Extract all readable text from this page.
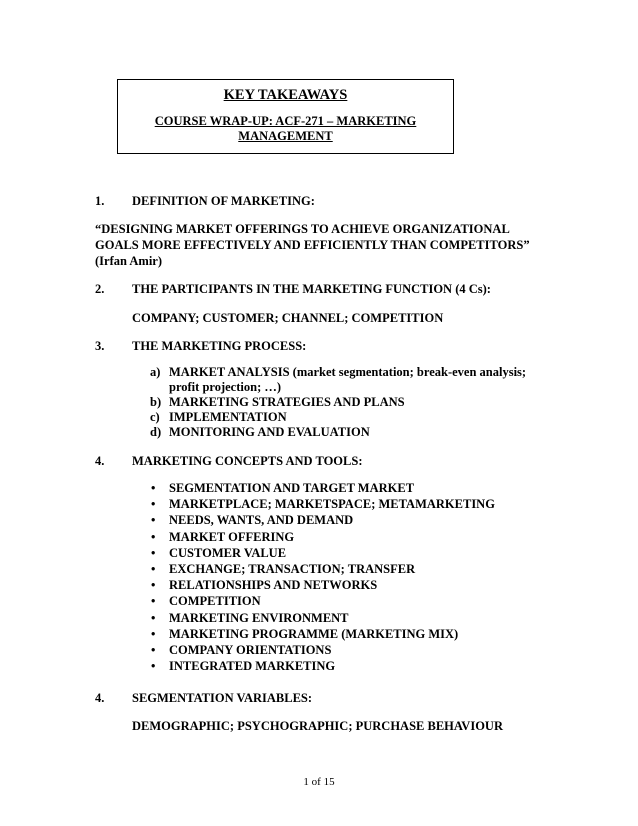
KEY TAKEAWAYS
COURSE WRAP-UP: ACF-271 – MARKETING MANAGEMENT
1. DEFINITION OF MARKETING:
“DESIGNING MARKET OFFERINGS TO ACHIEVE ORGANIZATIONAL GOALS MORE EFFECTIVELY AND EFFICIENTLY THAN COMPETITORS” (Irfan Amir)
2. THE PARTICIPANTS IN THE MARKETING FUNCTION (4 Cs):
COMPANY; CUSTOMER; CHANNEL; COMPETITION
3. THE MARKETING PROCESS:
a) MARKET ANALYSIS (market segmentation; break-even analysis; profit projection; …)
b) MARKETING STRATEGIES AND PLANS
c) IMPLEMENTATION
d) MONITORING AND EVALUATION
4. MARKETING CONCEPTS AND TOOLS:
• SEGMENTATION AND TARGET MARKET
• MARKETPLACE; MARKETSPACE; METAMARKETING
• NEEDS, WANTS, AND DEMAND
• MARKET OFFERING
• CUSTOMER VALUE
• EXCHANGE; TRANSACTION; TRANSFER
• RELATIONSHIPS AND NETWORKS
• COMPETITION
• MARKETING ENVIRONMENT
• MARKETING PROGRAMME (MARKETING MIX)
• COMPANY ORIENTATIONS
• INTEGRATED MARKETING
4. SEGMENTATION VARIABLES:
DEMOGRAPHIC; PSYCHOGRAPHIC; PURCHASE BEHAVIOUR
1 of 15
